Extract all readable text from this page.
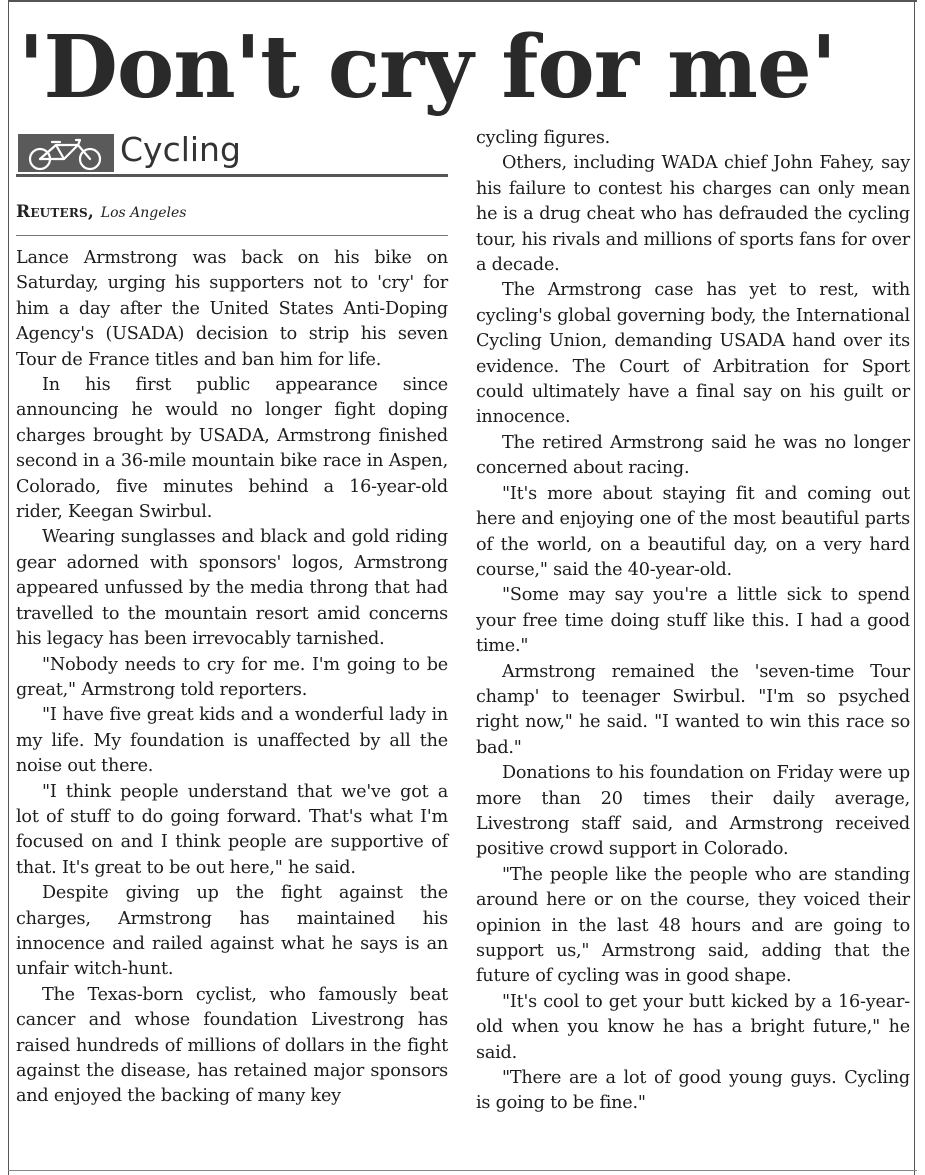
'Don't cry for me'
Cycling
Reuters, Los Angeles

Lance Armstrong was back on his bike on Saturday, urging his supporters not to 'cry' for him a day after the United States Anti-Doping Agency's (USADA) decision to strip his seven Tour de France titles and ban him for life.

In his first public appearance since announcing he would no longer fight doping charges brought by USADA, Armstrong finished second in a 36-mile mountain bike race in Aspen, Colorado, five minutes behind a 16-year-old rider, Keegan Swirbul.

Wearing sunglasses and black and gold riding gear adorned with sponsors' logos, Armstrong appeared unfussed by the media throng that had travelled to the mountain resort amid concerns his legacy has been irrevocably tarnished.

"Nobody needs to cry for me. I'm going to be great," Armstrong told reporters.

"I have five great kids and a wonderful lady in my life. My foundation is unaffected by all the noise out there.

"I think people understand that we've got a lot of stuff to do going forward. That's what I'm focused on and I think people are supportive of that. It's great to be out here," he said.

Despite giving up the fight against the charges, Armstrong has maintained his innocence and railed against what he says is an unfair witch-hunt.

The Texas-born cyclist, who famously beat cancer and whose foundation Livestrong has raised hundreds of millions of dollars in the fight against the disease, has retained major sponsors and enjoyed the backing of many key

cycling figures.

Others, including WADA chief John Fahey, say his failure to contest his charges can only mean he is a drug cheat who has defrauded the cycling tour, his rivals and millions of sports fans for over a decade.

The Armstrong case has yet to rest, with cycling's global governing body, the International Cycling Union, demanding USADA hand over its evidence. The Court of Arbitration for Sport could ultimately have a final say on his guilt or innocence.

The retired Armstrong said he was no longer concerned about racing.

"It's more about staying fit and coming out here and enjoying one of the most beautiful parts of the world, on a beautiful day, on a very hard course," said the 40-year-old.

"Some may say you're a little sick to spend your free time doing stuff like this. I had a good time."

Armstrong remained the 'seven-time Tour champ' to teenager Swirbul. "I'm so psyched right now," he said. "I wanted to win this race so bad."

Donations to his foundation on Friday were up more than 20 times their daily average, Livestrong staff said, and Armstrong received positive crowd support in Colorado.

"The people like the people who are standing around here or on the course, they voiced their opinion in the last 48 hours and are going to support us," Armstrong said, adding that the future of cycling was in good shape.

"It's cool to get your butt kicked by a 16-year-old when you know he has a bright future," he said.

"There are a lot of good young guys. Cycling is going to be fine."
